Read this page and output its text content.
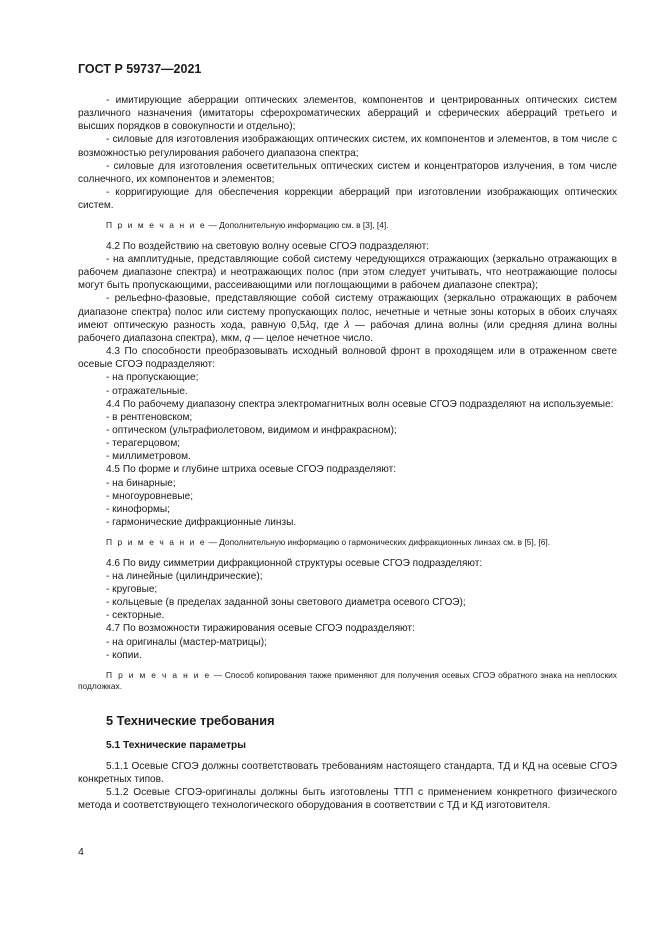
ГОСТ Р 59737—2021

- имитирующие аберрации оптических элементов, компонентов и центрированных оптических систем различного назначения (имитаторы сферохроматических аберраций и сферических аберраций третьего и высших порядков в совокупности и отдельно);

- силовые для изготовления изображающих оптических систем, их компонентов и элементов, в том числе с возможностью регулирования рабочего диапазона спектра;

- силовые для изготовления осветительных оптических систем и концентраторов излучения, в том числе солнечного, их компонентов и элементов;

- корригирующие для обеспечения коррекции аберраций при изготовлении изображающих оптических систем.

П р и м е ч а н и е — Дополнительную информацию см. в [3], [4].

4.2 По воздействию на световую волну осевые СГОЭ подразделяют:

- на амплитудные, представляющие собой систему чередующихся отражающих (зеркально отражающих в рабочем диапазоне спектра) и неотражающих полос (при этом следует учитывать, что неотражающие полосы могут быть пропускающими, рассеивающими или поглощающими в рабочем диапазоне спектра);

- рельефно-фазовые, представляющие собой систему отражающих (зеркально отражающих в рабочем диапазоне спектра) полос или систему пропускающих полос, нечетные и четные зоны которых в обоих случаях имеют оптическую разность хода, равную 0,5λq, где λ — рабочая длина волны (или средняя длина волны рабочего диапазона спектра), мкм, q — целое нечетное число.

4.3 По способности преобразовывать исходный волновой фронт в проходящем или в отраженном свете осевые СГОЭ подразделяют:

- на пропускающие;

- отражательные.

4.4 По рабочему диапазону спектра электромагнитных волн осевые СГОЭ подразделяют на используемые:

- в рентгеновском;

- оптическом (ультрафиолетовом, видимом и инфракрасном);

- терагерцовом;

- миллиметровом.

4.5 По форме и глубине штриха осевые СГОЭ подразделяют:

- на бинарные;

- многоуровневые;

- киноформы;

- гармонические дифракционные линзы.

П р и м е ч а н и е — Дополнительную информацию о гармонических дифракционных линзах см. в [5], [6].

4.6 По виду симметрии дифракционной структуры осевые СГОЭ подразделяют:

- на линейные (цилиндрические);

- круговые;

- кольцевые (в пределах заданной зоны светового диаметра осевого СГОЭ);

- секторные.

4.7 По возможности тиражирования осевые СГОЭ подразделяют:

- на оригиналы (мастер-матрицы);

- копии.

П р и м е ч а н и е — Способ копирования также применяют для получения осевых СГОЭ обратного знака на неплоских подложках.

5 Технические требования
5.1 Технические параметры

5.1.1 Осевые СГОЭ должны соответствовать требованиям настоящего стандарта, ТД и КД на осевые СГОЭ конкретных типов.

5.1.2 Осевые СГОЭ-оригиналы должны быть изготовлены ТТП с применением конкретного физического метода и соответствующего технологического оборудования в соответствии с ТД и КД изготовителя.

4
